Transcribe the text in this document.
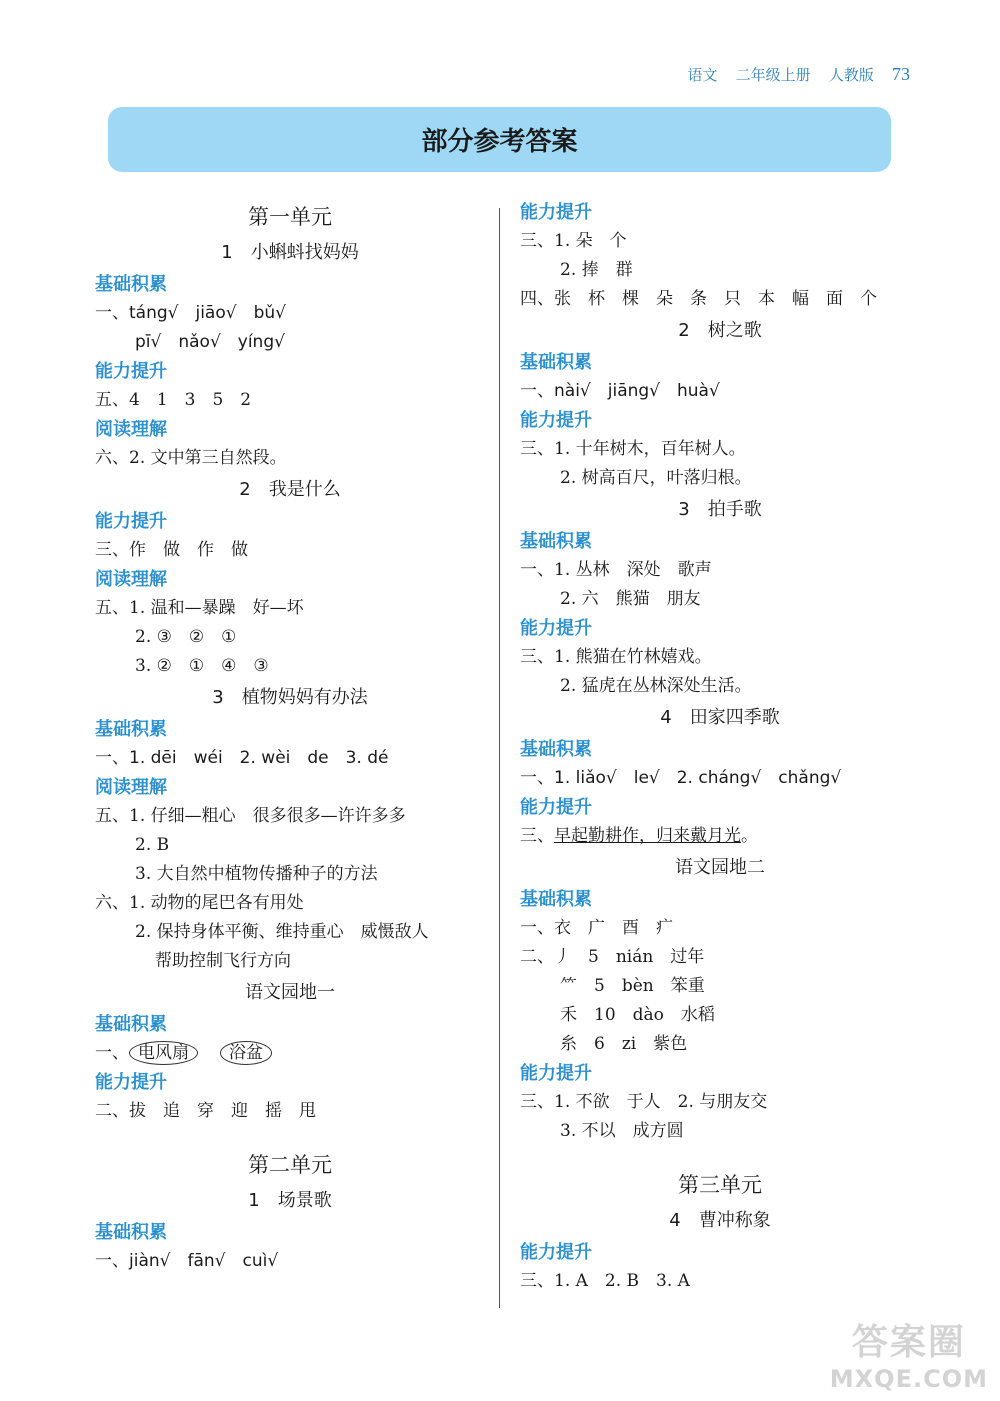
语文 二年级上册 人教版 73
部分参考答案
第一单元
1　小蝌蚪找妈妈
基础积累
一、táng√　jiāo√　bǔ√
pī√　nǎo√　yíng√
能力提升
五、4　1　3　5　2
阅读理解
六、2. 文中第三自然段。
2　我是什么
能力提升
三、作　做　作　做
阅读理解
五、1. 温和—暴躁　好—坏
2. ③　②　①
3. ②　①　④　③
3　植物妈妈有办法
基础积累
一、1. dēi　wéi　2. wèi　de　3. dé
阅读理解
五、1. 仔细—粗心　很多很多—许许多多
2. B
3. 大自然中植物传播种子的方法
六、1. 动物的尾巴各有用处
2. 保持身体平衡、维持重心　威慑敌人
帮助控制飞行方向
语文园地一
基础积累
一、 电风扇 浴盆
能力提升
二、拔　追　穿　迎　摇　甩
第二单元
1　场景歌
基础积累
一、jiàn√　fān√　cuì√
能力提升
三、1. 朵　个
2. 捧　群
四、张　杯　棵　朵　条　只　本　幅　面　个
2　树之歌
基础积累
一、nài√　jiāng√　huà√
能力提升
三、1. 十年树木，百年树人。
2. 树高百尺，叶落归根。
3　拍手歌
基础积累
一、1. 丛林　深处　歌声
2. 六　熊猫　朋友
能力提升
三、1. 熊猫在竹林嬉戏。
2. 猛虎在丛林深处生活。
4　田家四季歌
基础积累
一、1. liǎo√　le√　2. cháng√　chǎng√
能力提升
三、早起勤耕作，归来戴月光。
语文园地二
基础积累
一、衣　广　酉　疒
二、丿　5　nián　过年
⺮　5　bèn　笨重
禾　10　dào　水稻
糸　6　zi　紫色
能力提升
三、1. 不欲　于人　2. 与朋友交
3. 不以　成方圆
第三单元
4　曹冲称象
能力提升
三、1. A　2. B　3. A
答案圈
MXQE.COM
